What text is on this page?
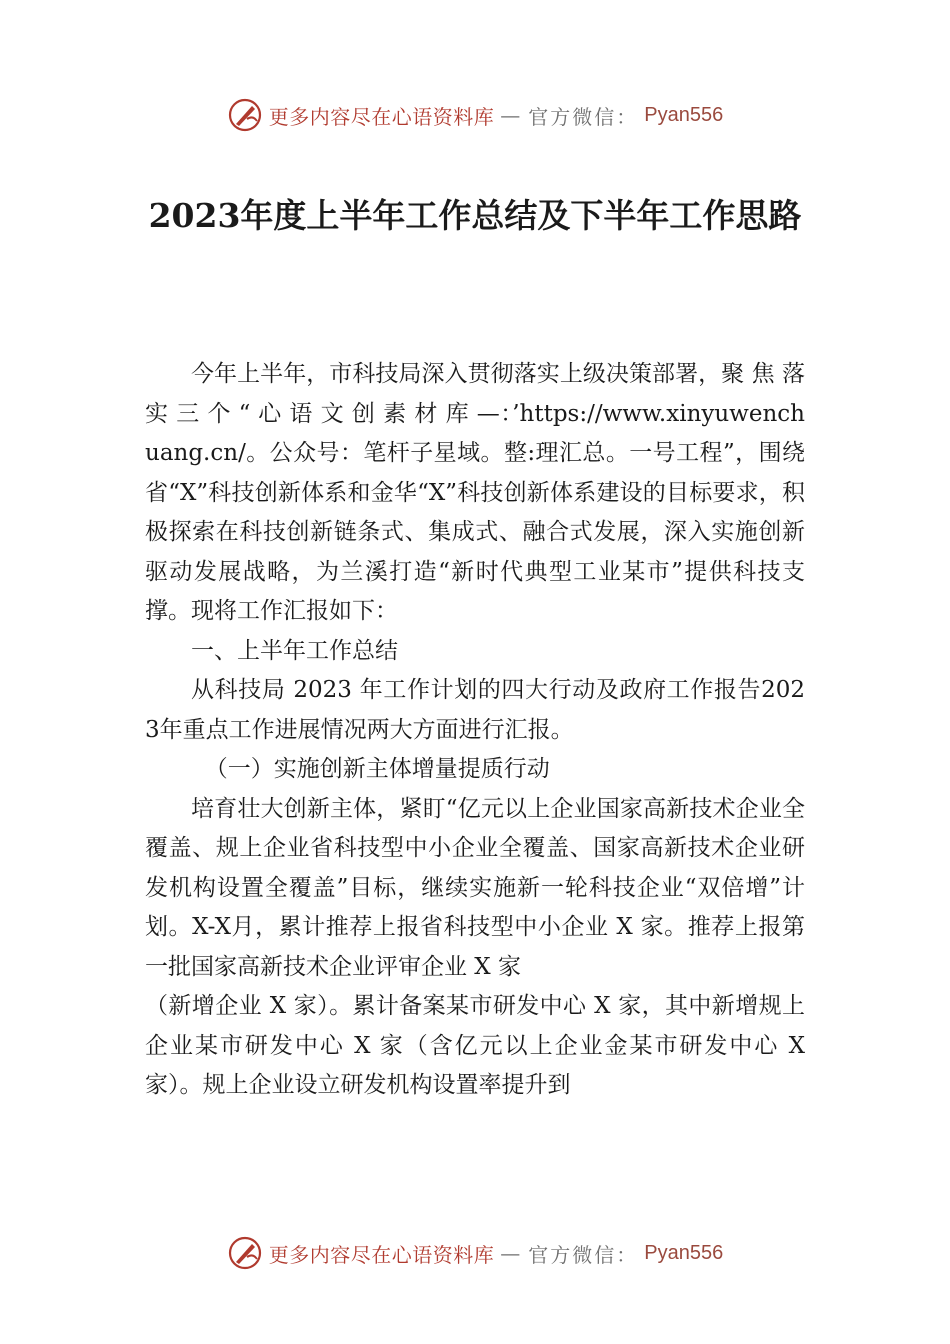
更多内容尽在心语资料库 — 官方微信： Pyan556
2023年度上半年工作总结及下半年工作思路

今年上半年，市科技局深入贯彻落实上级决策部署，聚 焦 落 实 三 个 “ 心 语 文 创 素 材 库 —：’https://www.xinyuwenchuang.cn/。公众号：笔杆子星域。整:理汇总。一号工程”，围绕省“X”科技创新体系和金华“X”科技创新体系建设的目标要求，积极探索在科技创新链条式、集成式、融合式发展，深入实施创新驱动发展战略，为兰溪打造“新时代典型工业某市”提供科技支撑。现将工作汇报如下：

一、上半年工作总结

从科技局 2023 年工作计划的四大行动及政府工作报告2023年重点工作进展情况两大方面进行汇报。

（一）实施创新主体增量提质行动

培育壮大创新主体，紧盯“亿元以上企业国家高新技术企业全覆盖、规上企业省科技型中小企业全覆盖、国家高新技术企业研发机构设置全覆盖”目标，继续实施新一轮科技企业“双倍增”计划。X-X月，累计推荐上报省科技型中小企业 X 家。推荐上报第一批国家高新技术企业评审企业 X 家

（新增企业 X 家）。累计备案某市研发中心 X 家，其中新增规上企业某市研发中心 X 家（含亿元以上企业金某市研发中心 X 家）。规上企业设立研发机构设置率提升到

更多内容尽在心语资料库 — 官方微信： Pyan556
